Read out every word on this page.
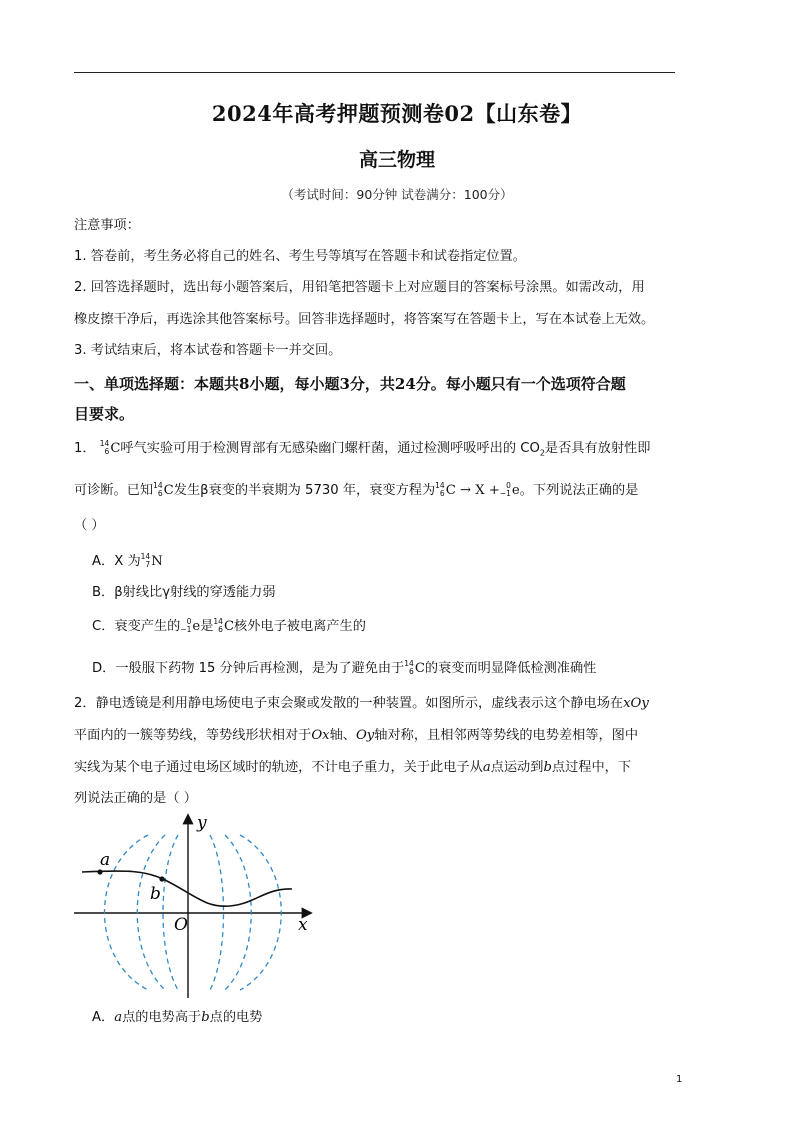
2024年高考押题预测卷02【山东卷】
高三物理
（考试时间：90分钟 试卷满分：100分）
注意事项：
1. 答卷前，考生务必将自己的姓名、考生号等填写在答题卡和试卷指定位置。
2. 回答选择题时，选出每小题答案后，用铅笔把答题卡上对应题目的答案标号涂黑。如需改动，用
橡皮擦干净后，再选涂其他答案标号。回答非选择题时，将答案写在答题卡上，写在本试卷上无效。
3. 考试结束后，将本试卷和答题卡一并交回。
一、单项选择题：本题共8小题，每小题3分，共24分。每小题只有一个选项符合题
目要求。
1． 14
6 C呼气实验可用于检测胃部有无感染幽门螺杆菌，通过检测呼吸呼出的 $CO_2$是否具有放射性即
可诊断。已知 14
6 C发生β衰变的半衰期为 5730 年，衰变方程为 14
6 C → X + 0
−1 e。下列说法正确的是
（ ）
A．X 为 14
7 N
B．β射线比γ射线的穿透能力弱
C．衰变产生的 0
−1 e是 14
6 C核外电子被电离产生的
D．一般服下药物 15 分钟后再检测，是为了避免由于 14
6 C的衰变而明显降低检测准确性
2．静电透镜是利用静电场使电子束会聚或发散的一种装置。如图所示，虚线表示这个静电场在xOy
平面内的一簇等势线，等势线形状相对于Ox轴、Oy轴对称，且相邻两等势线的电势差相等，图中
实线为某个电子通过电场区域时的轨迹，不计电子重力，关于此电子从a点运动到b点过程中，下
列说法正确的是（ ）
y
x
O
a
b
A．a点的电势高于b点的电势
1
